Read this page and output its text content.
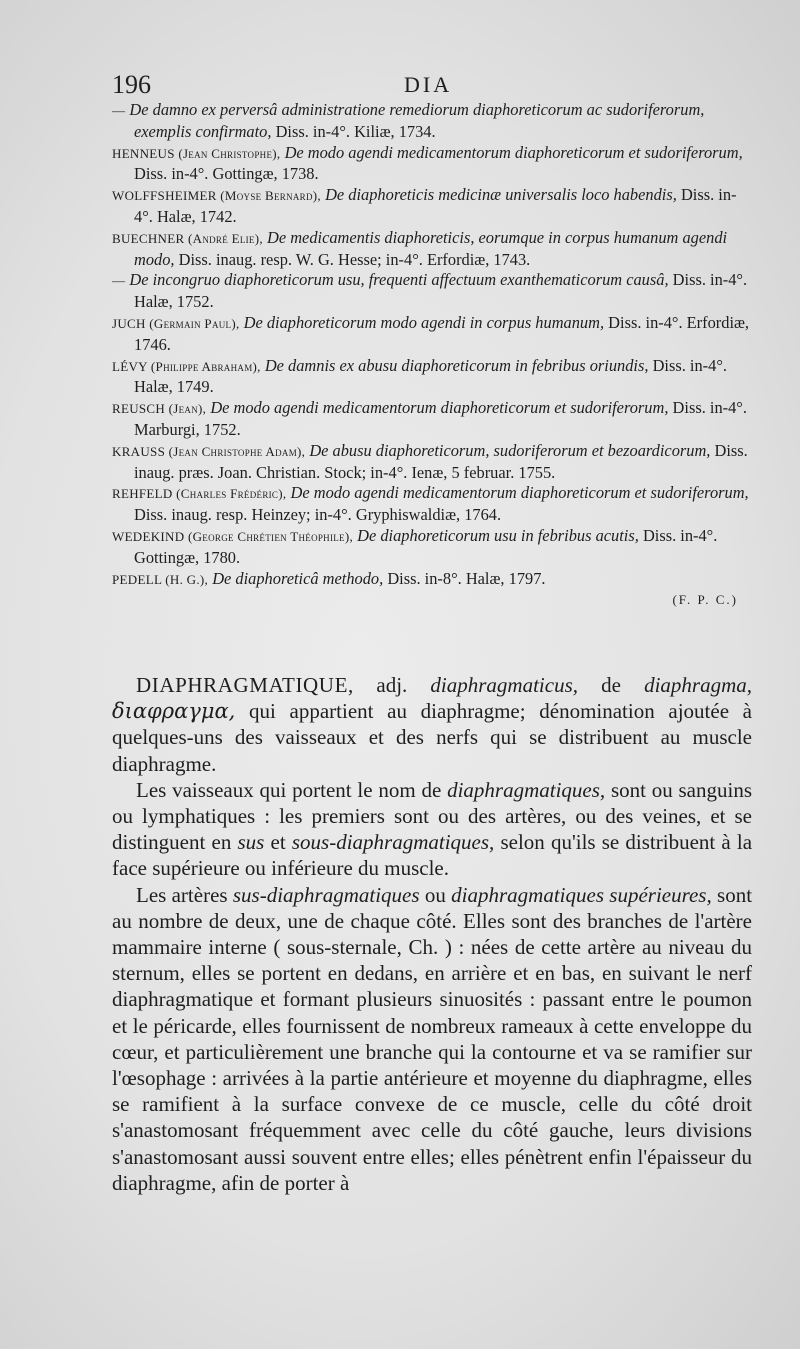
196	DIA

— De damno ex perversâ administratione remediorum diaphoreticorum ac sudoriferorum, exemplis confirmato, Diss. in-4°. Kiliæ, 1734.

HENNEUS (Jean Christophe), De modo agendi medicamentorum diaphoreticorum et sudoriferorum, Diss. in-4°. Gottingæ, 1738.

WOLFFSHEIMER (Moyse Bernard), De diaphoreticis medicinæ universalis loco habendis, Diss. in-4°. Halæ, 1742.

BUECHNER (André Elie), De medicamentis diaphoreticis, eorumque in corpus humanum agendi modo, Diss. inaug. resp. W. G. Hesse; in-4°. Erfordiæ, 1743.

— De incongruo diaphoreticorum usu, frequenti affectuum exanthematicorum causâ, Diss. in-4°. Halæ, 1752.

JUCH (Germain Paul), De diaphoreticorum modo agendi in corpus humanum, Diss. in-4°. Erfordiæ, 1746.

LÉVY (Philippe Abraham), De damnis ex abusu diaphoreticorum in febribus oriundis, Diss. in-4°. Halæ, 1749.

REUSCH (Jean), De modo agendi medicamentorum diaphoreticorum et sudoriferorum, Diss. in-4°. Marburgi, 1752.

KRAUSS (Jean Christophe Adam), De abusu diaphoreticorum, sudoriferorum et bezoardicorum, Diss. inaug. præs. Joan. Christian. Stock; in-4°. Ienæ, 5 februar. 1755.

REHFELD (Charles Frédéric), De modo agendi medicamentorum diaphoreticorum et sudoriferorum, Diss. inaug. resp. Heinzey; in-4°. Gryphiswaldiæ, 1764.

WEDEKIND (George Chrétien Théophile), De diaphoreticorum usu in febribus acutis, Diss. in-4°. Gottingæ, 1780.

PEDELL (H. G.), De diaphoreticâ methodo, Diss. in-8°. Halæ, 1797.

(F. P. C.)

DIAPHRAGMATIQUE, adj. diaphragmaticus, de diaphragma, διαφραγμα, qui appartient au diaphragme; dénomination ajoutée à quelques-uns des vaisseaux et des nerfs qui se distribuent au muscle diaphragme.

Les vaisseaux qui portent le nom de diaphragmatiques, sont ou sanguins ou lymphatiques : les premiers sont ou des artères, ou des veines, et se distinguent en sus et sous-diaphragmatiques, selon qu'ils se distribuent à la face supérieure ou inférieure du muscle.

Les artères sus-diaphragmatiques ou diaphragmatiques supérieures, sont au nombre de deux, une de chaque côté. Elles sont des branches de l'artère mammaire interne ( sous-sternale, Ch. ) : nées de cette artère au niveau du sternum, elles se portent en dedans, en arrière et en bas, en suivant le nerf diaphragmatique et formant plusieurs sinuosités : passant entre le poumon et le péricarde, elles fournissent de nombreux rameaux à cette enveloppe du cœur, et particulièrement une branche qui la contourne et va se ramifier sur l'œsophage : arrivées à la partie antérieure et moyenne du diaphragme, elles se ramifient à la surface convexe de ce muscle, celle du côté droit s'anastomosant fréquemment avec celle du côté gauche, leurs divisions s'anastomosant aussi souvent entre elles; elles pénètrent enfin l'épaisseur du diaphragme, afin de porter à
